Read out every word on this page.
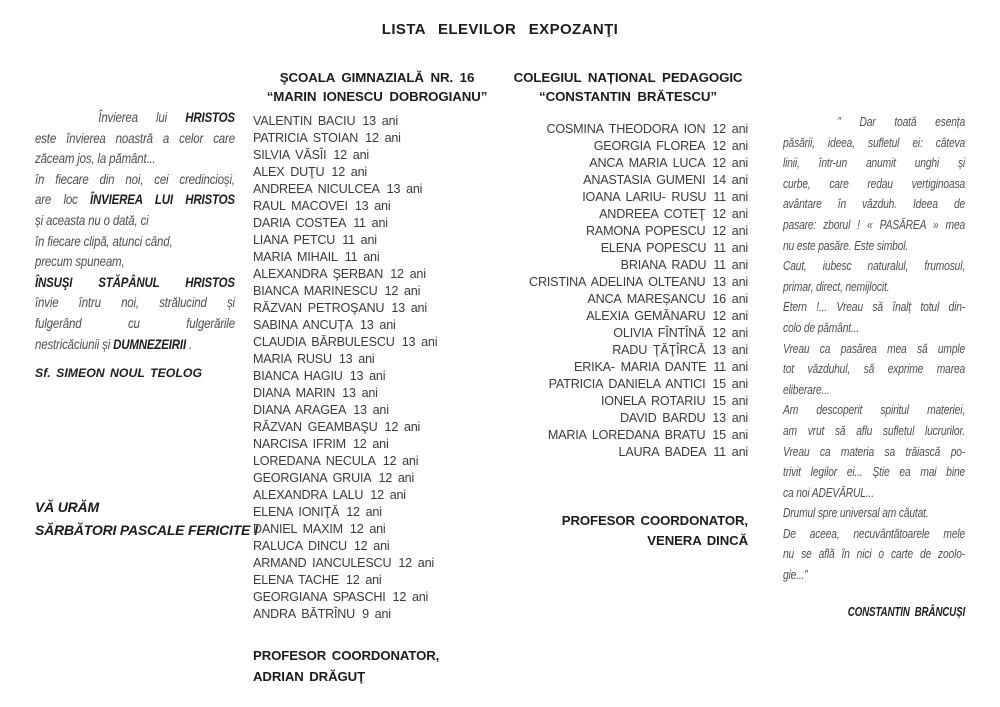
LISTA ELEVILOR EXPOZANŢI
Învierea lui HRISTOS
este învierea noastră a celor care
zăceam jos, la pământ...
în fiecare din noi, cei credincioși,
are loc ÎNVIEREA LUI HRISTOS
și aceasta nu o dată, ci
în fiecare clipă, atunci când,
precum spuneam,
ÎNSUŞI STĂPÂNUL HRISTOS
învie întru noi, strălucind și
fulgerând cu fulgerările
nestricăciunii și DUMNEZEIRII .
Sf. SIMEON NOUL TEOLOG
VĂ URĂM
SĂRBĂTORI PASCALE FERICITE !
ŞCOALA GIMNAZIALĂ NR. 16
“MARIN IONESCU DOBROGIANU”
VALENTIN BACIU 13 ani
PATRICIA STOIAN 12 ani
SILVIA VĂSÎI 12 ani
ALEX DUŢU 12 ani
ANDREEA NICULCEA 13 ani
RAUL MACOVEI 13 ani
DARIA COSTEA 11 ani
LIANA PETCU 11 ani
MARIA MIHAIL 11 ani
ALEXANDRA ŞERBAN 12 ani
BIANCA MARINESCU 12 ani
RĂZVAN PETROŞANU 13 ani
SABINA ANCUŢA 13 ani
CLAUDIA BĂRBULESCU 13 ani
MARIA RUSU 13 ani
BIANCA HAGIU 13 ani
DIANA MARIN 13 ani
DIANA ARAGEA 13 ani
RĂZVAN GEAMBAŞU 12 ani
NARCISA IFRIM 12 ani
LOREDANA NECULA 12 ani
GEORGIANA GRUIA 12 ani
ALEXANDRA LALU 12 ani
ELENA IONIŢĂ 12 ani
DANIEL MAXIM 12 ani
RALUCA DINCU 12 ani
ARMAND IANCULESCU 12 ani
ELENA TACHE 12 ani
GEORGIANA SPASCHI 12 ani
ANDRA BĂTRÎNU 9 ani
PROFESOR COORDONATOR,
ADRIAN DRĂGUŢ
COLEGIUL NAȚIONAL PEDAGOGIC
“CONSTANTIN BRĂTESCU”
COSMINA THEODORA ION 12 ani
GEORGIA FLOREA 12 ani
ANCA MARIA LUCA 12 ani
ANASTASIA GUMENI 14 ani
IOANA LARIU- RUSU 11 ani
ANDREEA COTEŢ 12 ani
RAMONA POPESCU 12 ani
ELENA POPESCU 11 ani
BRIANA RADU 11 ani
CRISTINA ADELINA OLTEANU 13 ani
ANCA MAREȘANCU 16 ani
ALEXIA GEMĂNARU 12 ani
OLIVIA FÎNTÎNĂ 12 ani
RADU ŢĂŢÎRCĂ 13 ani
ERIKA- MARIA DANTE 11 ani
PATRICIA DANIELA ANTICI 15 ani
IONELA ROTARIU 15 ani
DAVID BARDU 13 ani
MARIA LOREDANA BRATU 15 ani
LAURA BADEA 11 ani
PROFESOR COORDONATOR,
VENERA DINCĂ
” Dar toată esența
păsării, ideea, sufletul ei: câteva
linii, într-un anumit unghi și
curbe, care redau vertiginoasa
avântare în văzduh. Ideea de
pasare: zborul ! « PASĂREA » mea
nu este pasăre. Este simbol.
Caut, iubesc naturalul, frumosul,
primar, direct, nemijlocit.
Etern !... Vreau să înalț totul din-
colo de pământ...
Vreau ca pasărea mea să umple
tot văzduhul, să exprime marea
eliberare...
Am descoperit spiritul materiei,
am vrut să aflu sufletul lucrurilor.
Vreau ca materia sa trăiască po-
trivit legilor ei... Ştie ea mai bine
ca noi ADEVĂRUL...
Drumul spre universal am căutat.
De aceea, necuvântătoarele mele
nu se află în nici o carte de zoolo-
gie...”
CONSTANTIN BRÂNCUȘI
